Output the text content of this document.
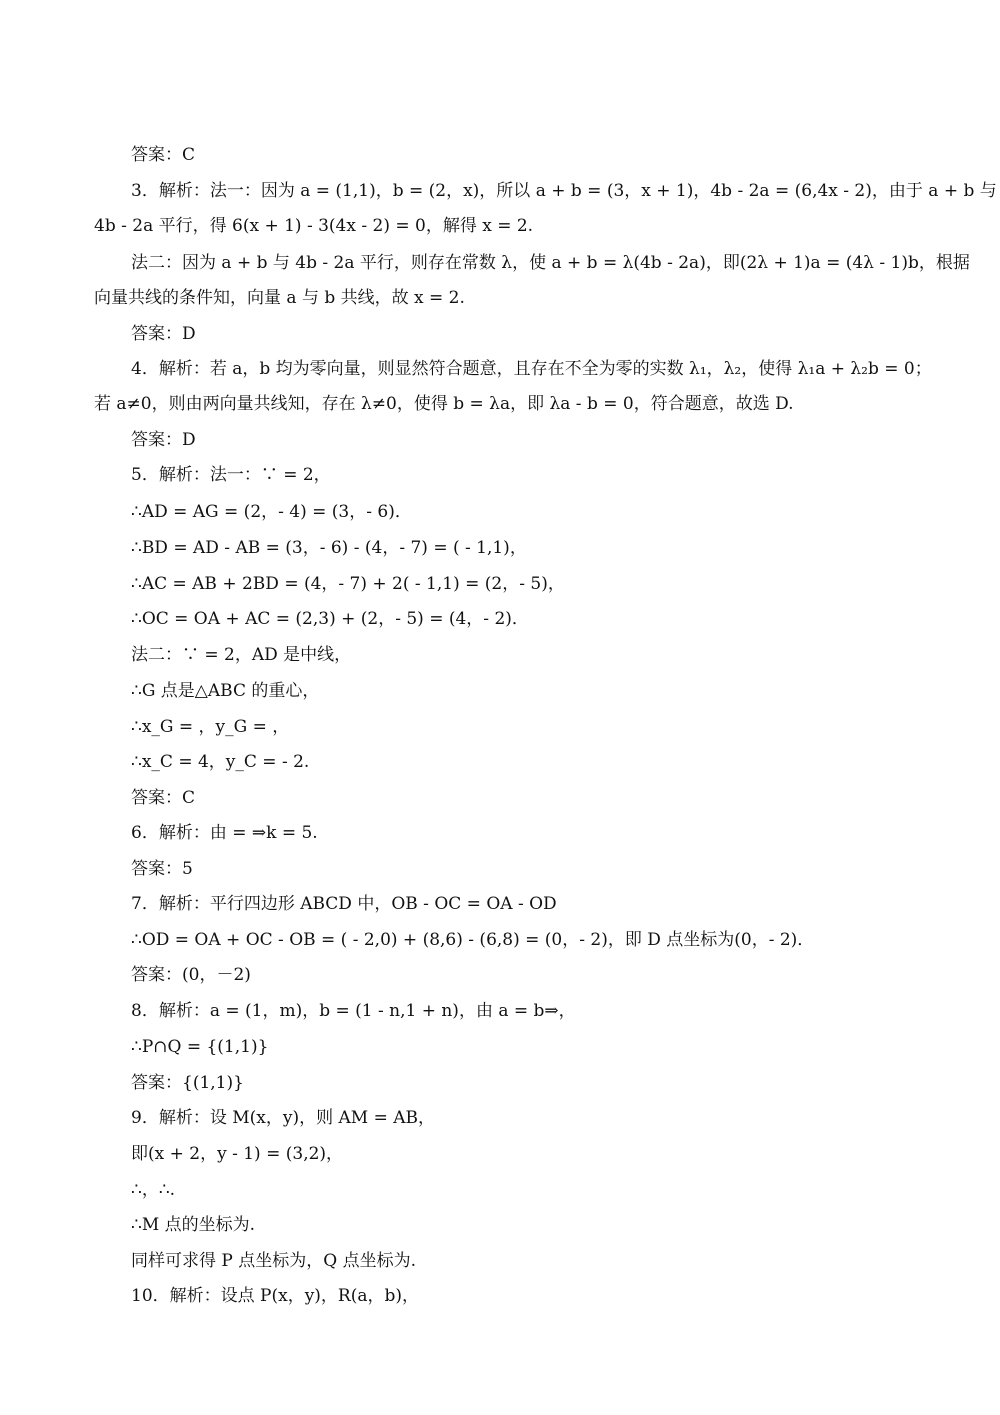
答案：C
3．解析：法一：因为 a = (1,1)，b = (2，x)，所以 a + b = (3，x + 1)，4b - 2a = (6,4x - 2)，由于 a + b 与
4b - 2a 平行，得 6(x + 1) - 3(4x - 2) = 0，解得 x = 2.
法二：因为 a + b 与 4b - 2a 平行，则存在常数 λ，使 a + b = λ(4b - 2a)，即(2λ + 1)a = (4λ - 1)b，根据
向量共线的条件知，向量 a 与 b 共线，故 x = 2.
答案：D
4．解析：若 a，b 均为零向量，则显然符合题意，且存在不全为零的实数 λ₁，λ₂，使得 λ₁a + λ₂b = 0；
若 a≠0，则由两向量共线知，存在 λ≠0，使得 b = λa，即 λa - b = 0，符合题意，故选 D.
答案：D
5．解析：法一：∵ = 2，
∴AD = AG = (2，- 4) = (3，- 6)．
∴BD = AD - AB = (3，- 6) - (4，- 7) = ( - 1,1)，
∴AC = AB + 2BD = (4，- 7) + 2( - 1,1) = (2，- 5)，
∴OC = OA + AC = (2,3) + (2，- 5) = (4，- 2)．
法二：∵ = 2，AD 是中线，
∴G 点是△ABC 的重心，
∴x_G = ，y_G = ，
∴x_C = 4，y_C = - 2.
答案：C
6．解析：由 = ⇒k = 5.
答案：5
7．解析：平行四边形 ABCD 中，OB - OC = OA - OD
∴OD = OA + OC - OB = ( - 2,0) + (8,6) - (6,8) = (0，- 2)，即 D 点坐标为(0，- 2)．
答案：(0，－2)
8．解析：a = (1，m)，b = (1 - n,1 + n)，由 a = b⇒，
∴P∩Q = {(1,1)}
答案：{(1,1)}
9．解析：设 M(x，y)，则 AM = AB，
即(x + 2，y - 1) = (3,2)，
∴，∴.
∴M 点的坐标为.
同样可求得 P 点坐标为，Q 点坐标为.
10．解析：设点 P(x，y)，R(a，b)，
